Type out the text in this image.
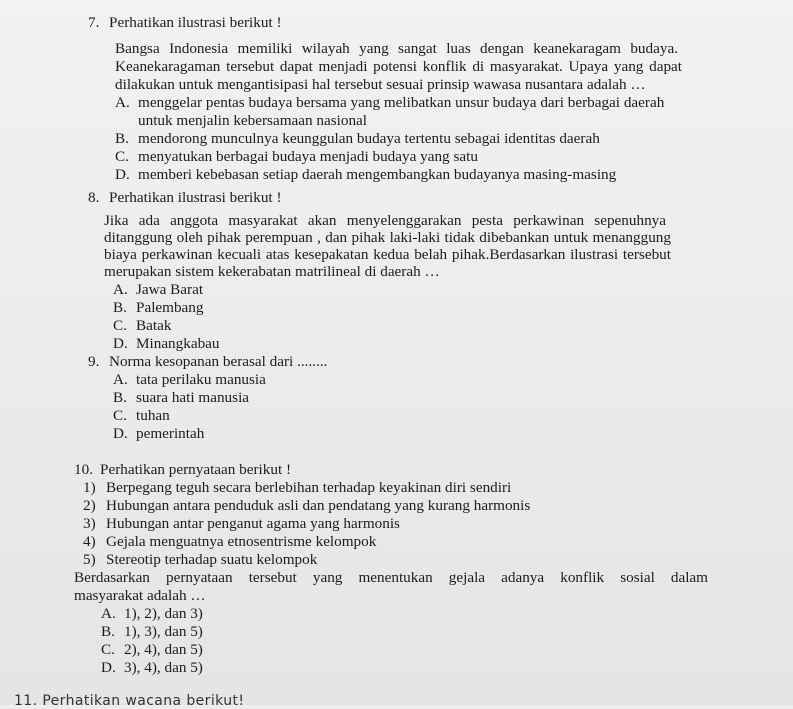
7. Perhatikan ilustrasi berikut !
Bangsa Indonesia memiliki wilayah yang sangat luas dengan keanekaragam budaya.
Keanekaragaman tersebut dapat menjadi potensi konflik di masyarakat. Upaya yang dapat
dilakukan untuk mengantisipasi hal tersebut sesuai prinsip wawasa nusantara adalah …
A. menggelar pentas budaya bersama yang melibatkan unsur budaya dari berbagai daerah
untuk menjalin kebersamaan nasional
B. mendorong munculnya keunggulan budaya tertentu sebagai identitas daerah
C. menyatukan berbagai budaya menjadi budaya yang satu
D. memberi kebebasan setiap daerah mengembangkan budayanya masing-masing
8. Perhatikan ilustrasi berikut !
Jika ada anggota masyarakat akan menyelenggarakan pesta perkawinan sepenuhnya
ditanggung oleh pihak perempuan , dan pihak laki-laki tidak dibebankan untuk menanggung
biaya perkawinan kecuali atas kesepakatan kedua belah pihak.Berdasarkan ilustrasi tersebut
merupakan sistem kekerabatan matrilineal di daerah …
A. Jawa Barat
B. Palembang
C. Batak
D. Minangkabau
9. Norma kesopanan berasal dari ........
A. tata perilaku manusia
B. suara hati manusia
C. tuhan
D. pemerintah
10. Perhatikan pernyataan berikut !
1) Berpegang teguh secara berlebihan terhadap keyakinan diri sendiri
2) Hubungan antara penduduk asli dan pendatang yang kurang harmonis
3) Hubungan antar penganut agama yang harmonis
4) Gejala menguatnya etnosentrisme kelompok
5) Stereotip terhadap suatu kelompok
Berdasarkan pernyataan tersebut yang menentukan gejala adanya konflik sosial dalam
masyarakat adalah …
A. 1), 2), dan 3)
B. 1), 3), dan 5)
C. 2), 4), dan 5)
D. 3), 4), dan 5)
11. Perhatikan wacana berikut!
